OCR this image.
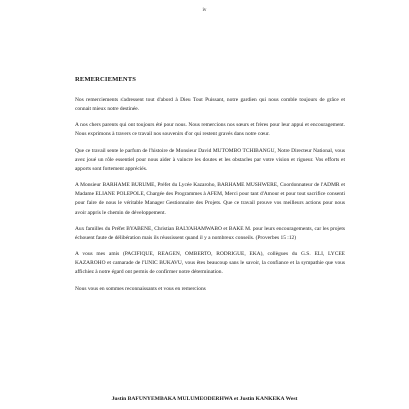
iv
REMERCIEMENTS

Nos remerciements s'adressent tout d'abord à Dieu Tout Puissant, notre gardien qui nous comble toujours de grâce et connait mieux notre destinée.

A nos chers parents qui ont toujours été pour nous. Nous remercions nos sœurs et frères pour leur appui et encouragement. Nous exprimons à travers ce travail nos souvenirs d'or qui restent gravés dans notre cœur.

Que ce travail sente le parfum de l'histoire de Monsieur David MUTOMBO TCHIBANGU, Notre Directeur National, vous avez joué un rôle essentiel pour nous aider à vaincre les doutes et les obstacles par votre vision et rigueur. Vos efforts et apports sont fortement appréciés.

A Monsieur BARHAME BURUME, Préfet du Lycée Kazaroho, BARHAME MUSHWERE, Coordonnateur de l'ADMR et Madame ELIANE POLEPOLE, Chargée des Programmes à AFEM, Merci pour tant d'Amour et pour tout sacrifice consenti pour faire de nous le véritable Manager Gestionnaire des Projets. Que ce travail prouve vos meilleurs actions pour nous avoir appris le chemin de développement.

Aux familles du Préfet BYABENE, Christian BALYAHAMWABO et BAKE M. pour leurs encouragements, car les projets échouent faute de délibération mais ils réussissent quand il y a nombreux conseils. (Proverbes 15 :12)

A vous mes amis (PACIFIQUE, REAGEN, OMBERTO, RODRIGUE, EKA), collègues du G.S. ELI, LYCEE KAZAROHO et camarade de l'UNIC BUKAVU, vous êtes beaucoup sans le savoir, la confiance et la sympathie que vous affichiez à notre égard ont permis de confirmer notre détermination.

Nous vous en sommes reconnaissants et vous en remercions

Justin BAFUNYEMBAKA MULUMEODERHWA et Justin KANKEKA West
